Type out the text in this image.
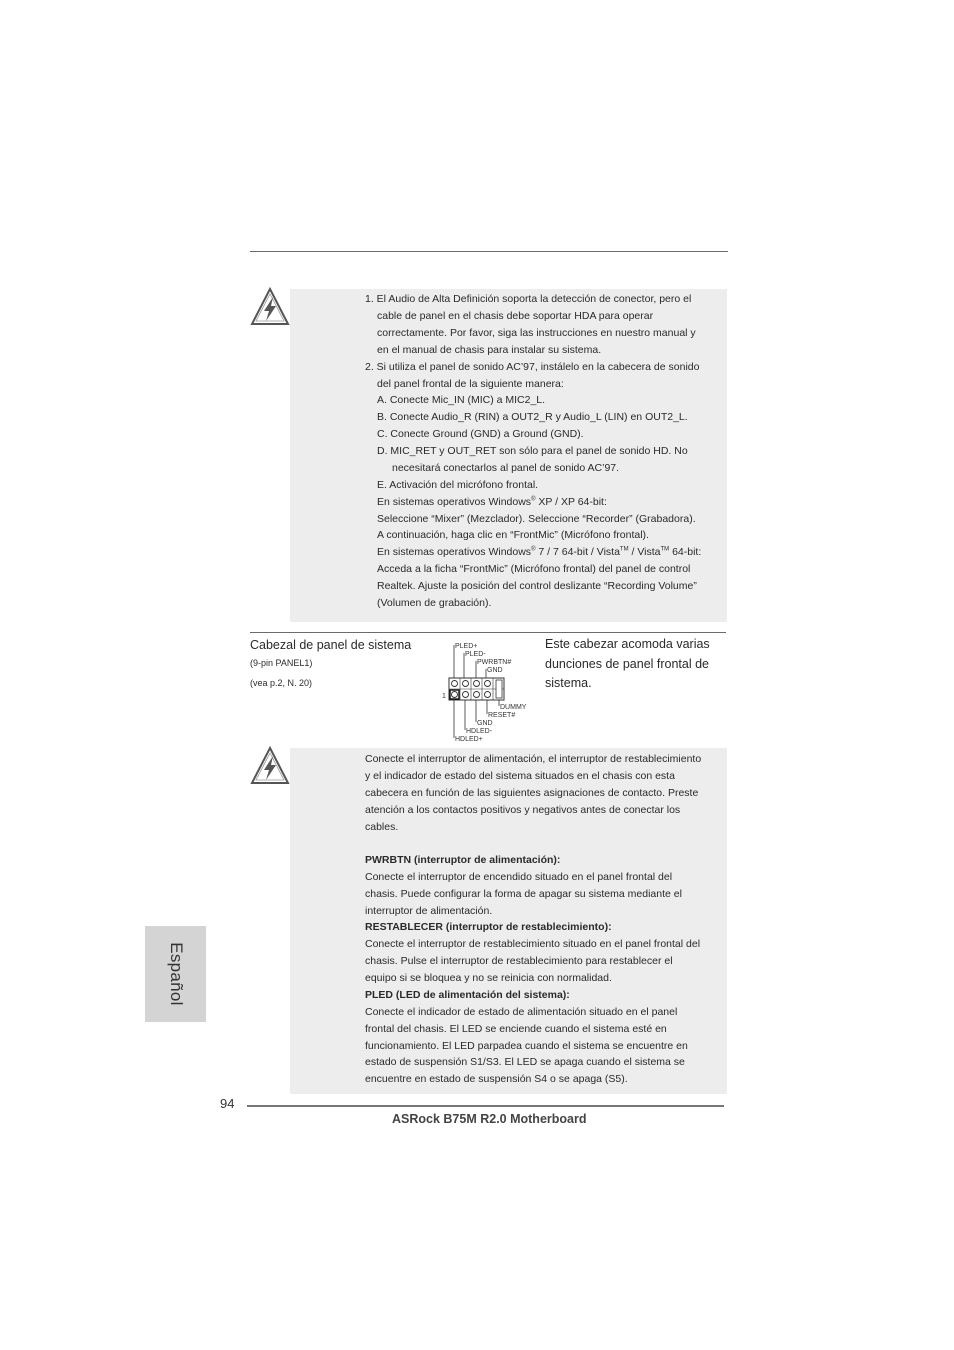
1. El Audio de Alta Definición soporta la detección de conector, pero el
cable de panel en el chasis debe soportar HDA para operar
correctamente. Por favor, siga las instrucciones en nuestro manual y
en el manual de chasis para instalar su sistema.
2. Si utiliza el panel de sonido AC’97, instálelo en la cabecera de sonido
del panel frontal de la siguiente manera:
A. Conecte Mic_IN (MIC) a MIC2_L.
B. Conecte Audio_R (RIN) a OUT2_R y Audio_L (LIN) en OUT2_L.
C. Conecte Ground (GND) a Ground (GND).
D. MIC_RET y OUT_RET son sólo para el panel de sonido HD. No
necesitará conectarlos al panel de sonido AC’97.
E. Activación del micrófono frontal.
En sistemas operativos Windows® XP / XP 64-bit:
Seleccione “Mixer” (Mezclador). Seleccione “Recorder” (Grabadora).
A continuación, haga clic en “FrontMic” (Micrófono frontal).
En sistemas operativos Windows® 7 / 7 64-bit / Vista™ / Vista™ 64-bit:
Acceda a la ficha “FrontMic” (Micrófono frontal) del panel de control
Realtek. Ajuste la posición del control deslizante “Recording Volume”
(Volumen de grabación).
Cabezal de panel de sistema
(9-pin PANEL1)
(vea p.2, N. 20)
PLED+
PLED-
PWRBTN#
GND
1
DUMMY
RESET#
GND
HDLED-
HDLED+
Este cabezar acomoda varias
dunciones de panel frontal de
sistema.
Conecte el interruptor de alimentación, el interruptor de restablecimiento
y el indicador de estado del sistema situados en el chasis con esta
cabecera en función de las siguientes asignaciones de contacto. Preste
atención a los contactos positivos y negativos antes de conectar los
cables.
PWRBTN (interruptor de alimentación):
Conecte el interruptor de encendido situado en el panel frontal del
chasis. Puede configurar la forma de apagar su sistema mediante el
interruptor de alimentación.
RESTABLECER (interruptor de restablecimiento):
Conecte el interruptor de restablecimiento situado en el panel frontal del
chasis. Pulse el interruptor de restablecimiento para restablecer el
equipo si se bloquea y no se reinicia con normalidad.
PLED (LED de alimentación del sistema):
Conecte el indicador de estado de alimentación situado en el panel
frontal del chasis. El LED se enciende cuando el sistema esté en
funcionamiento. El LED parpadea cuando el sistema se encuentre en
estado de suspensión S1/S3. El LED se apaga cuando el sistema se
encuentre en estado de suspensión S4 o se apaga (S5).
Español
94
ASRock B75M R2.0 Motherboard
